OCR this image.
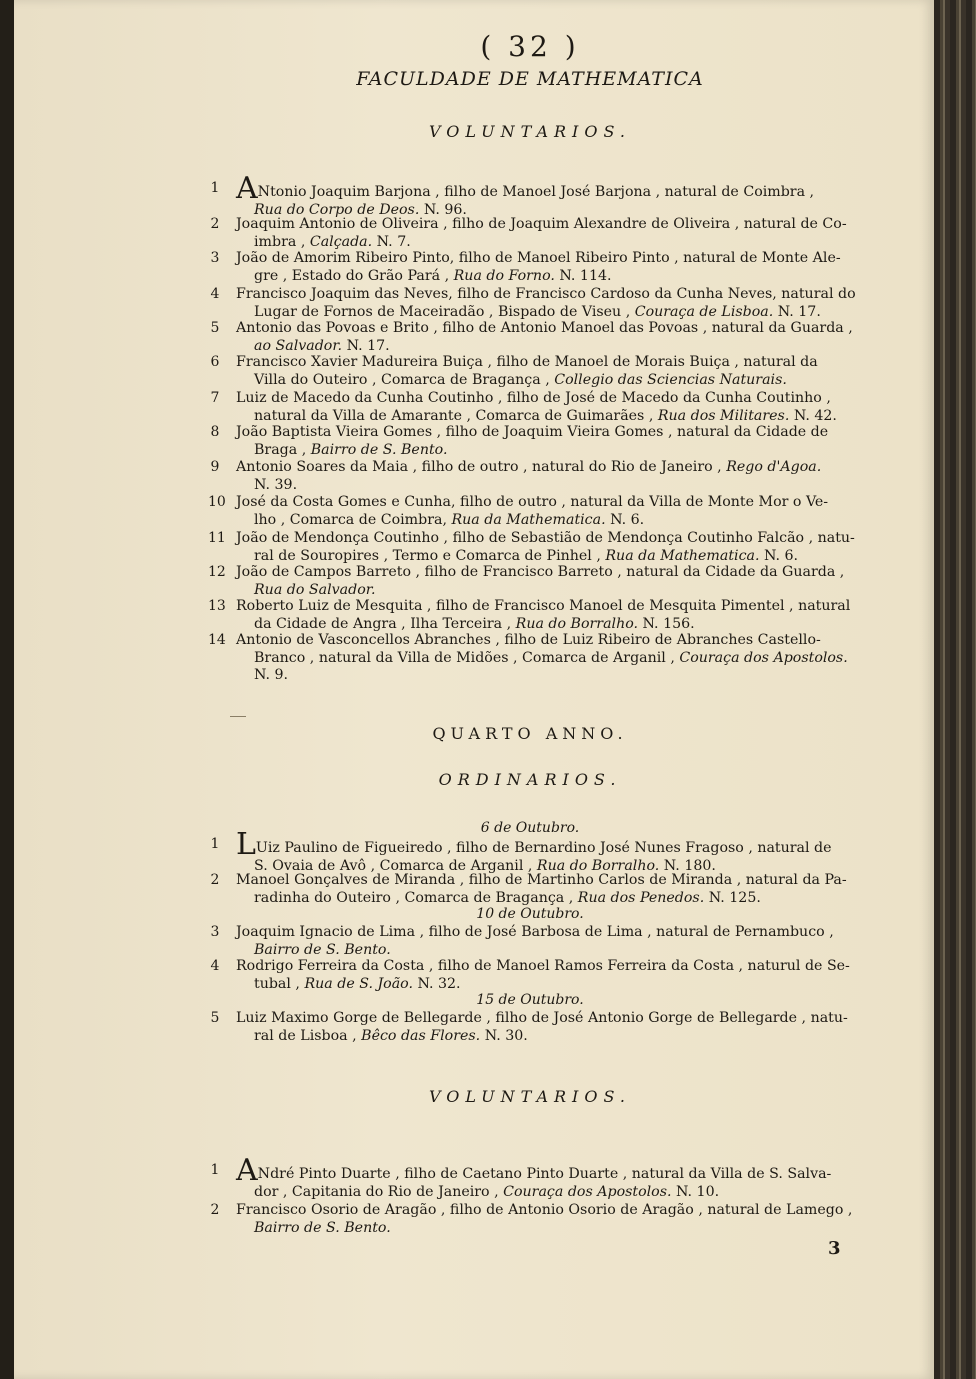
( 32 )
FACULDADE DE MATHEMATICA
VOLUNTARIOS.
1 ANtonio Joaquim Barjona , filho de Manoel José Barjona , natural de Coimbra ,
Rua do Corpo de Deos. N. 96.
2 Joaquim Antonio de Oliveira , filho de Joaquim Alexandre de Oliveira , natural de Co-
imbra , Calçada. N. 7.
3 João de Amorim Ribeiro Pinto, filho de Manoel Ribeiro Pinto , natural de Monte Ale-
gre , Estado do Grão Pará , Rua do Forno. N. 114.
4 Francisco Joaquim das Neves, filho de Francisco Cardoso da Cunha Neves, natural do
Lugar de Fornos de Maceiradão , Bispado de Viseu , Couraça de Lisboa. N. 17.
5 Antonio das Povoas e Brito , filho de Antonio Manoel das Povoas , natural da Guarda ,
ao Salvador. N. 17.
6 Francisco Xavier Madureira Buiça , filho de Manoel de Morais Buiça , natural da
Villa do Outeiro , Comarca de Bragança , Collegio das Sciencias Naturais.
7 Luiz de Macedo da Cunha Coutinho , filho de José de Macedo da Cunha Coutinho ,
natural da Villa de Amarante , Comarca de Guimarães , Rua dos Militares. N. 42.
8 João Baptista Vieira Gomes , filho de Joaquim Vieira Gomes , natural da Cidade de
Braga , Bairro de S. Bento.
9 Antonio Soares da Maia , filho de outro , natural do Rio de Janeiro , Rego d'Agoa.
N. 39.
10 José da Costa Gomes e Cunha, filho de outro , natural da Villa de Monte Mor o Ve-
lho , Comarca de Coimbra, Rua da Mathematica. N. 6.
11 João de Mendonça Coutinho , filho de Sebastião de Mendonça Coutinho Falcão , natu-
ral de Souropires , Termo e Comarca de Pinhel , Rua da Mathematica. N. 6.
12 João de Campos Barreto , filho de Francisco Barreto , natural da Cidade da Guarda ,
Rua do Salvador.
13 Roberto Luiz de Mesquita , filho de Francisco Manoel de Mesquita Pimentel , natural
da Cidade de Angra , Ilha Terceira , Rua do Borralho. N. 156.
14 Antonio de Vasconcellos Abranches , filho de Luiz Ribeiro de Abranches Castello-
Branco , natural da Villa de Midões , Comarca de Arganil , Couraça dos Apostolos.
N. 9.
QUARTO ANNO.
ORDINARIOS.
6 de Outubro.
1 LUiz Paulino de Figueiredo , filho de Bernardino José Nunes Fragoso , natural de
S. Ovaia de Avô , Comarca de Arganil , Rua do Borralho. N. 180.
2 Manoel Gonçalves de Miranda , filho de Martinho Carlos de Miranda , natural da Pa-
radinha do Outeiro , Comarca de Bragança , Rua dos Penedos. N. 125.
10 de Outubro.
3 Joaquim Ignacio de Lima , filho de José Barbosa de Lima , natural de Pernambuco ,
Bairro de S. Bento.
4 Rodrigo Ferreira da Costa , filho de Manoel Ramos Ferreira da Costa , naturul de Se-
tubal , Rua de S. João. N. 32.
15 de Outubro.
5 Luiz Maximo Gorge de Bellegarde , filho de José Antonio Gorge de Bellegarde , natu-
ral de Lisboa , Bêco das Flores. N. 30.
VOLUNTARIOS.
1 ANdré Pinto Duarte , filho de Caetano Pinto Duarte , natural da Villa de S. Salva-
dor , Capitania do Rio de Janeiro , Couraça dos Apostolos. N. 10.
2 Francisco Osorio de Aragão , filho de Antonio Osorio de Aragão , natural de Lamego ,
Bairro de S. Bento.
3
